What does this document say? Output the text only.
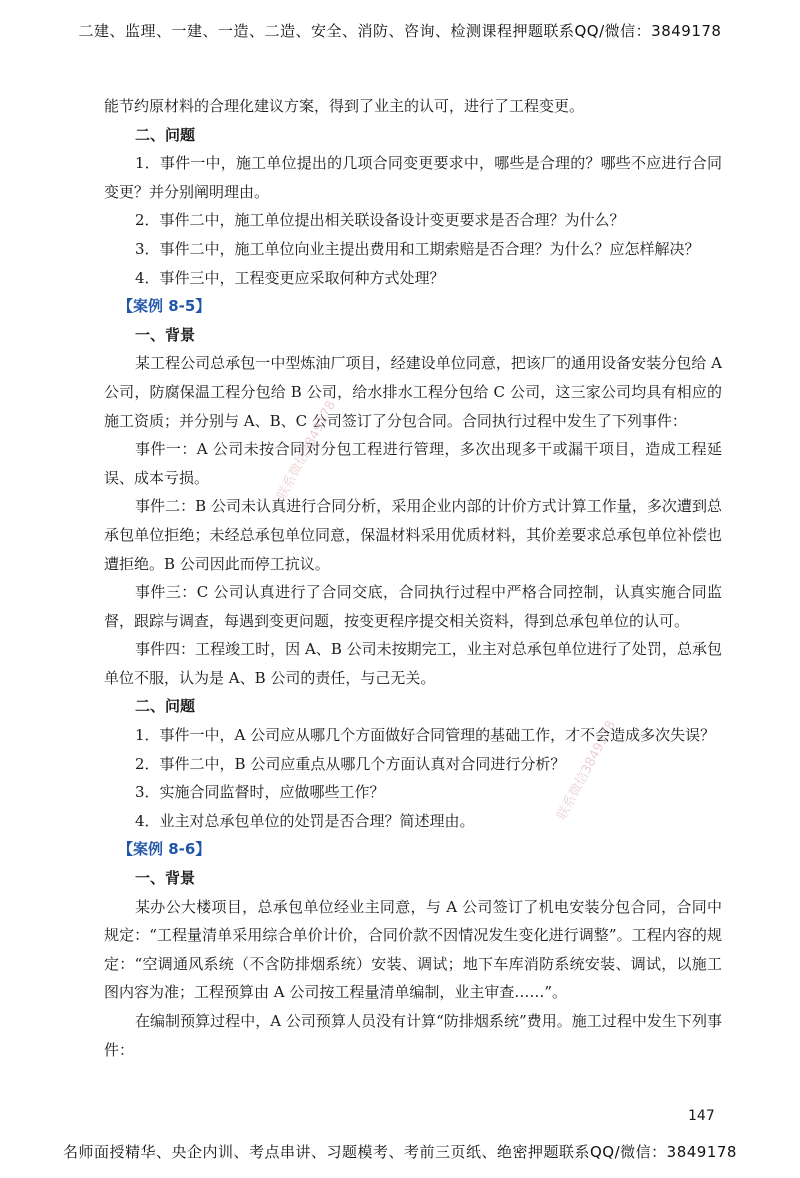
二建、监理、一建、一造、二造、安全、消防、咨询、检测课程押题联系QQ/微信：3849178

能节约原材料的合理化建议方案，得到了业主的认可，进行了工程变更。

二、问题

1．事件一中，施工单位提出的几项合同变更要求中，哪些是合理的？哪些不应进行合同变更？并分别阐明理由。

2．事件二中，施工单位提出相关联设备设计变更要求是否合理？为什么？

3．事件二中，施工单位向业主提出费用和工期索赔是否合理？为什么？应怎样解决？

4．事件三中，工程变更应采取何种方式处理？

【案例 8-5】

一、背景

某工程公司总承包一中型炼油厂项目，经建设单位同意，把该厂的通用设备安装分包给 A 公司，防腐保温工程分包给 B 公司，给水排水工程分包给 C 公司，这三家公司均具有相应的施工资质；并分别与 A、B、C 公司签订了分包合同。合同执行过程中发生了下列事件：

事件一：A 公司未按合同对分包工程进行管理，多次出现多干或漏干项目，造成工程延误、成本亏损。

事件二：B 公司未认真进行合同分析，采用企业内部的计价方式计算工作量，多次遭到总承包单位拒绝；未经总承包单位同意，保温材料采用优质材料，其价差要求总承包单位补偿也遭拒绝。B 公司因此而停工抗议。

事件三：C 公司认真进行了合同交底，合同执行过程中严格合同控制，认真实施合同监督，跟踪与调查，每遇到变更问题，按变更程序提交相关资料，得到总承包单位的认可。

事件四：工程竣工时，因 A、B 公司未按期完工，业主对总承包单位进行了处罚，总承包单位不服，认为是 A、B 公司的责任，与己无关。

二、问题

1．事件一中，A 公司应从哪几个方面做好合同管理的基础工作，才不会造成多次失误？

2．事件二中，B 公司应重点从哪几个方面认真对合同进行分析？

3．实施合同监督时，应做哪些工作？

4．业主对总承包单位的处罚是否合理？简述理由。

【案例 8-6】

一、背景

某办公大楼项目，总承包单位经业主同意，与 A 公司签订了机电安装分包合同，合同中规定：“工程量清单采用综合单价计价，合同价款不因情况发生变化进行调整”。工程内容的规定：“空调通风系统（不含防排烟系统）安装、调试；地下车库消防系统安装、调试，以施工图内容为准；工程预算由 A 公司按工程量清单编制，业主审查……”。

在编制预算过程中，A 公司预算人员没有计算“防排烟系统”费用。施工过程中发生下列事件：

联系微信3849178
联系微信3849178
147
名师面授精华、央企内训、考点串讲、习题模考、考前三页纸、绝密押题联系QQ/微信：3849178
